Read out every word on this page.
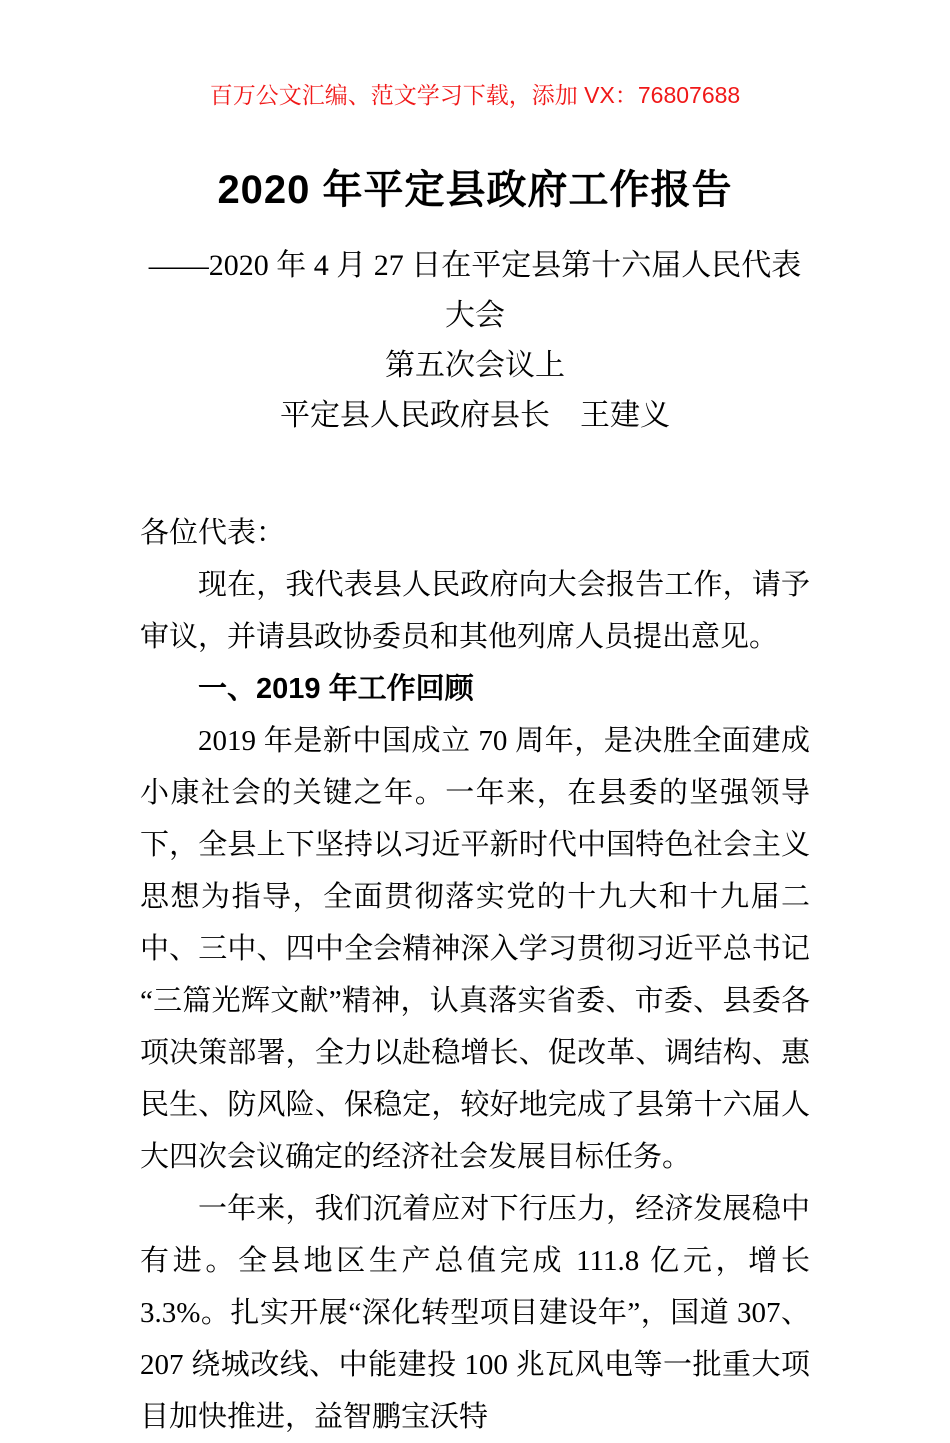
百万公文汇编、范文学习下载，添加 VX：76807688
2020 年平定县政府工作报告

——2020 年 4 月 27 日在平定县第十六届人民代表大会

第五次会议上

平定县人民政府县长　王建义

各位代表：

现在，我代表县人民政府向大会报告工作，请予审议，并请县政协委员和其他列席人员提出意见。

一、2019 年工作回顾

2019 年是新中国成立 70 周年，是决胜全面建成小康社会的关键之年。一年来，在县委的坚强领导下，全县上下坚持以习近平新时代中国特色社会主义思想为指导，全面贯彻落实党的十九大和十九届二中、三中、四中全会精神深入学习贯彻习近平总书记“三篇光辉文献”精神，认真落实省委、市委、县委各项决策部署，全力以赴稳增长、促改革、调结构、惠民生、防风险、保稳定，较好地完成了县第十六届人大四次会议确定的经济社会发展目标任务。

一年来，我们沉着应对下行压力，经济发展稳中有进。全县地区生产总值完成 111.8 亿元，增长 3.3%。扎实开展“深化转型项目建设年”，国道 307、207 绕城改线、中能建投 100 兆瓦风电等一批重大项目加快推进，益智鹏宝沃特
